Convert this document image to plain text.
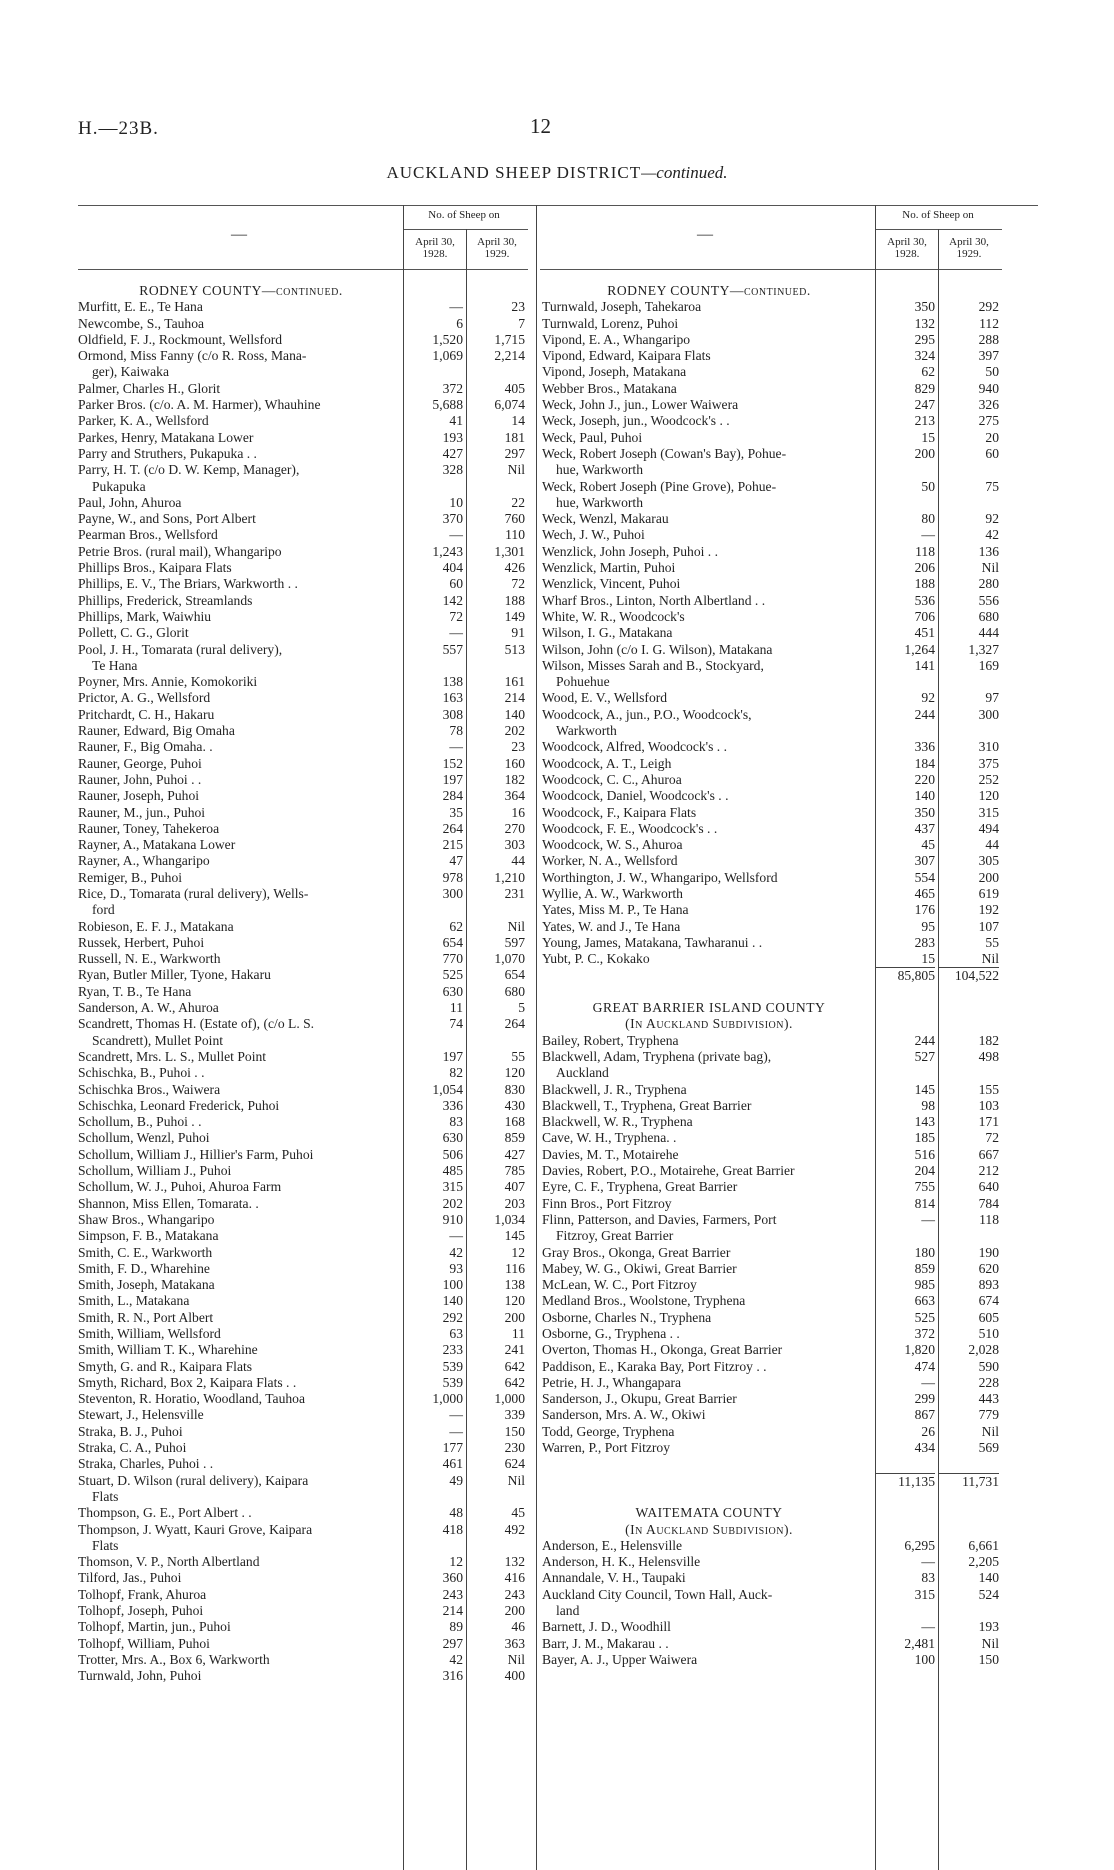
H.—23B.	12
AUCKLAND SHEEP DISTRICT—continued.
—
No. of Sheep on
April 30, 1928.
April 30, 1929.
—
No. of Sheep on
April 30, 1928.
April 30, 1929.
RODNEY COUNTY—continued.
Murfitt, E. E., Te Hana	—	23
Newcombe, S., Tauhoa	6	7
Oldfield, F. J., Rockmount, Wellsford	1,520	1,715
Ormond, Miss Fanny (c/o R. Ross, Mana-	1,069	2,214
ger), Kaiwaka
Palmer, Charles H., Glorit	372	405
Parker Bros. (c/o. A. M. Harmer), Whauhine	5,688	6,074
Parker, K. A., Wellsford	41	14
Parkes, Henry, Matakana Lower	193	181
Parry and Struthers, Pukapuka . .	427	297
Parry, H. T. (c/o D. W. Kemp, Manager),	328	Nil
Pukapuka
Paul, John, Ahuroa	10	22
Payne, W., and Sons, Port Albert	370	760
Pearman Bros., Wellsford	—	110
Petrie Bros. (rural mail), Whangaripo	1,243	1,301
Phillips Bros., Kaipara Flats	404	426
Phillips, E. V., The Briars, Warkworth . .	60	72
Phillips, Frederick, Streamlands	142	188
Phillips, Mark, Waiwhiu	72	149
Pollett, C. G., Glorit	—	91
Pool, J. H., Tomarata (rural delivery),	557	513
Te Hana
Poyner, Mrs. Annie, Komokoriki	138	161
Prictor, A. G., Wellsford	163	214
Pritchardt, C. H., Hakaru	308	140
Rauner, Edward, Big Omaha	78	202
Rauner, F., Big Omaha. .	—	23
Rauner, George, Puhoi	152	160
Rauner, John, Puhoi . .	197	182
Rauner, Joseph, Puhoi	284	364
Rauner, M., jun., Puhoi	35	16
Rauner, Toney, Tahekeroa	264	270
Rayner, A., Matakana Lower	215	303
Rayner, A., Whangaripo	47	44
Remiger, B., Puhoi	978	1,210
Rice, D., Tomarata (rural delivery), Wells-	300	231
ford
Robieson, E. F. J., Matakana	62	Nil
Russek, Herbert, Puhoi	654	597
Russell, N. E., Warkworth	770	1,070
Ryan, Butler Miller, Tyone, Hakaru	525	654
Ryan, T. B., Te Hana	630	680
Sanderson, A. W., Ahuroa	11	5
Scandrett, Thomas H. (Estate of), (c/o L. S.	74	264
Scandrett), Mullet Point
Scandrett, Mrs. L. S., Mullet Point	197	55
Schischka, B., Puhoi . .	82	120
Schischka Bros., Waiwera	1,054	830
Schischka, Leonard Frederick, Puhoi	336	430
Schollum, B., Puhoi . .	83	168
Schollum, Wenzl, Puhoi	630	859
Schollum, William J., Hillier's Farm, Puhoi	506	427
Schollum, William J., Puhoi	485	785
Schollum, W. J., Puhoi, Ahuroa Farm	315	407
Shannon, Miss Ellen, Tomarata. .	202	203
Shaw Bros., Whangaripo	910	1,034
Simpson, F. B., Matakana	—	145
Smith, C. E., Warkworth	42	12
Smith, F. D., Wharehine	93	116
Smith, Joseph, Matakana	100	138
Smith, L., Matakana	140	120
Smith, R. N., Port Albert	292	200
Smith, William, Wellsford	63	11
Smith, William T. K., Wharehine	233	241
Smyth, G. and R., Kaipara Flats	539	642
Smyth, Richard, Box 2, Kaipara Flats . .	539	642
Steventon, R. Horatio, Woodland, Tauhoa	1,000	1,000
Stewart, J., Helensville	—	339
Straka, B. J., Puhoi	—	150
Straka, C. A., Puhoi	177	230
Straka, Charles, Puhoi . .	461	624
Stuart, D. Wilson (rural delivery), Kaipara	49	Nil
Flats
Thompson, G. E., Port Albert . .	48	45
Thompson, J. Wyatt, Kauri Grove, Kaipara	418	492
Flats
Thomson, V. P., North Albertland	12	132
Tilford, Jas., Puhoi	360	416
Tolhopf, Frank, Ahuroa	243	243
Tolhopf, Joseph, Puhoi	214	200
Tolhopf, Martin, jun., Puhoi	89	46
Tolhopf, William, Puhoi	297	363
Trotter, Mrs. A., Box 6, Warkworth	42	Nil
Turnwald, John, Puhoi	316	400
RODNEY COUNTY—continued.
Turnwald, Joseph, Tahekaroa	350	292
Turnwald, Lorenz, Puhoi	132	112
Vipond, E. A., Whangaripo	295	288
Vipond, Edward, Kaipara Flats	324	397
Vipond, Joseph, Matakana	62	50
Webber Bros., Matakana	829	940
Weck, John J., jun., Lower Waiwera	247	326
Weck, Joseph, jun., Woodcock's . .	213	275
Weck, Paul, Puhoi	15	20
Weck, Robert Joseph (Cowan's Bay), Pohue-	200	60
hue, Warkworth
Weck, Robert Joseph (Pine Grove), Pohue-	50	75
hue, Warkworth
Weck, Wenzl, Makarau	80	92
Wech, J. W., Puhoi	—	42
Wenzlick, John Joseph, Puhoi . .	118	136
Wenzlick, Martin, Puhoi	206	Nil
Wenzlick, Vincent, Puhoi	188	280
Wharf Bros., Linton, North Albertland . .	536	556
White, W. R., Woodcock's	706	680
Wilson, I. G., Matakana	451	444
Wilson, John (c/o I. G. Wilson), Matakana	1,264	1,327
Wilson, Misses Sarah and B., Stockyard,	141	169
Pohuehue
Wood, E. V., Wellsford	92	97
Woodcock, A., jun., P.O., Woodcock's,	244	300
Warkworth
Woodcock, Alfred, Woodcock's . .	336	310
Woodcock, A. T., Leigh	184	375
Woodcock, C. C., Ahuroa	220	252
Woodcock, Daniel, Woodcock's . .	140	120
Woodcock, F., Kaipara Flats	350	315
Woodcock, F. E., Woodcock's . .	437	494
Woodcock, W. S., Ahuroa	45	44
Worker, N. A., Wellsford	307	305
Worthington, J. W., Whangaripo, Wellsford	554	200
Wyllie, A. W., Warkworth	465	619
Yates, Miss M. P., Te Hana	176	192
Yates, W. and J., Te Hana	95	107
Young, James, Matakana, Tawharanui . .	283	55
Yubt, P. C., Kokako	15	Nil
85,805	104,522
GREAT BARRIER ISLAND COUNTY
(In Auckland Subdivision).
Bailey, Robert, Tryphena	244	182
Blackwell, Adam, Tryphena (private bag),	527	498
Auckland
Blackwell, J. R., Tryphena	145	155
Blackwell, T., Tryphena, Great Barrier	98	103
Blackwell, W. R., Tryphena	143	171
Cave, W. H., Tryphena. .	185	72
Davies, M. T., Motairehe	516	667
Davies, Robert, P.O., Motairehe, Great Barrier	204	212
Eyre, C. F., Tryphena, Great Barrier	755	640
Finn Bros., Port Fitzroy	814	784
Flinn, Patterson, and Davies, Farmers, Port	—	118
Fitzroy, Great Barrier
Gray Bros., Okonga, Great Barrier	180	190
Mabey, W. G., Okiwi, Great Barrier	859	620
McLean, W. C., Port Fitzroy	985	893
Medland Bros., Woolstone, Tryphena	663	674
Osborne, Charles N., Tryphena	525	605
Osborne, G., Tryphena . .	372	510
Overton, Thomas H., Okonga, Great Barrier	1,820	2,028
Paddison, E., Karaka Bay, Port Fitzroy . .	474	590
Petrie, H. J., Whangapara	—	228
Sanderson, J., Okupu, Great Barrier	299	443
Sanderson, Mrs. A. W., Okiwi	867	779
Todd, George, Tryphena	26	Nil
Warren, P., Port Fitzroy	434	569
11,135	11,731
WAITEMATA COUNTY
(In Auckland Subdivision).
Anderson, E., Helensville	6,295	6,661
Anderson, H. K., Helensville	—	2,205
Annandale, V. H., Taupaki	83	140
Auckland City Council, Town Hall, Auck-	315	524
land
Barnett, J. D., Woodhill	—	193
Barr, J. M., Makarau . .	2,481	Nil
Bayer, A. J., Upper Waiwera	100	150
